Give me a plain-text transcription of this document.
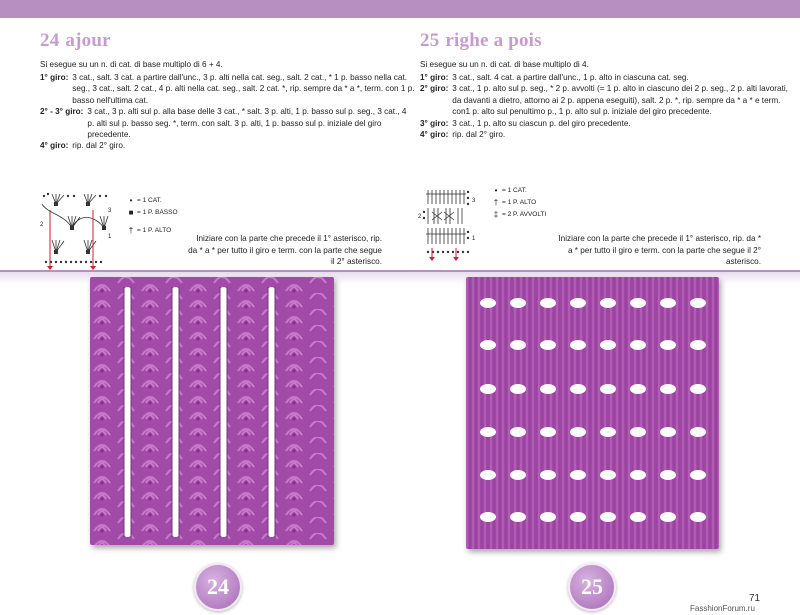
24 ajour

Si esegue su un n. di cat. di base multiplo di 6 + 4.

1° giro: 3 cat., salt. 3 cat. a partire dall'unc., 3 p. alti nella cat. seg., salt. 2 cat., * 1 p. basso nella cat. seg., 3 cat., salt. 2 cat., 4 p. alti nella cat. seg., salt. 2 cat. *, rip. sempre da * a *, term. con 1 p. basso nell'ultima cat.
2° - 3° giro: 3 cat., 3 p. alti sul p. alla base delle 3 cat., * salt. 3 p. alti, 1 p. basso sul p. seg., 3 cat., 4 p. alti sul p. basso seg. *, term. con salt. 3 p. alti, 1 p. basso sul p. iniziale del giro precedente.
4° giro: rip. dal 2° giro.
25 righe a pois

Si esegue su un n. di cat. di base multiplo di 4.

1° giro: 3 cat., salt. 4 cat. a partire dall'unc., 1 p. alto in ciascuna cat. seg.
2° giro: 3 cat., 1 p. alto sul p. seg., * 2 p. avvolti (= 1 p. alto in ciascuno dei 2 p. seg., 2 p. alti lavorati, da davanti a dietro, attorno ai 2 p. appena eseguiti), salt. 2 p. *, rip. sempre da * a * e term. con1 p. alto sul penultimo p., 1 p. alto sul p. iniziale del giro precedente.
3° giro: 3 cat., 1 p. alto su ciascun p. del giro precedente.
4° giro: rip. dal 2° giro.
3
2
1
• = 1 CAT.
■ = 1 P. BASSO
† = 1 P. ALTO
Iniziare con la parte che precede il 1° asterisco, rip. da * a * per tutto il giro e term. con la parte che segue il 2° asterisco.
3
2
1
• = 1 CAT.
† = 1 P. ALTO
‡ = 2 P. AVVOLTI
Iniziare con la parte che precede il 1° asterisco, rip. da * a * per tutto il giro e term. con la parte che segue il 2° asterisco.
24	25	71
FasshionForum.ru
